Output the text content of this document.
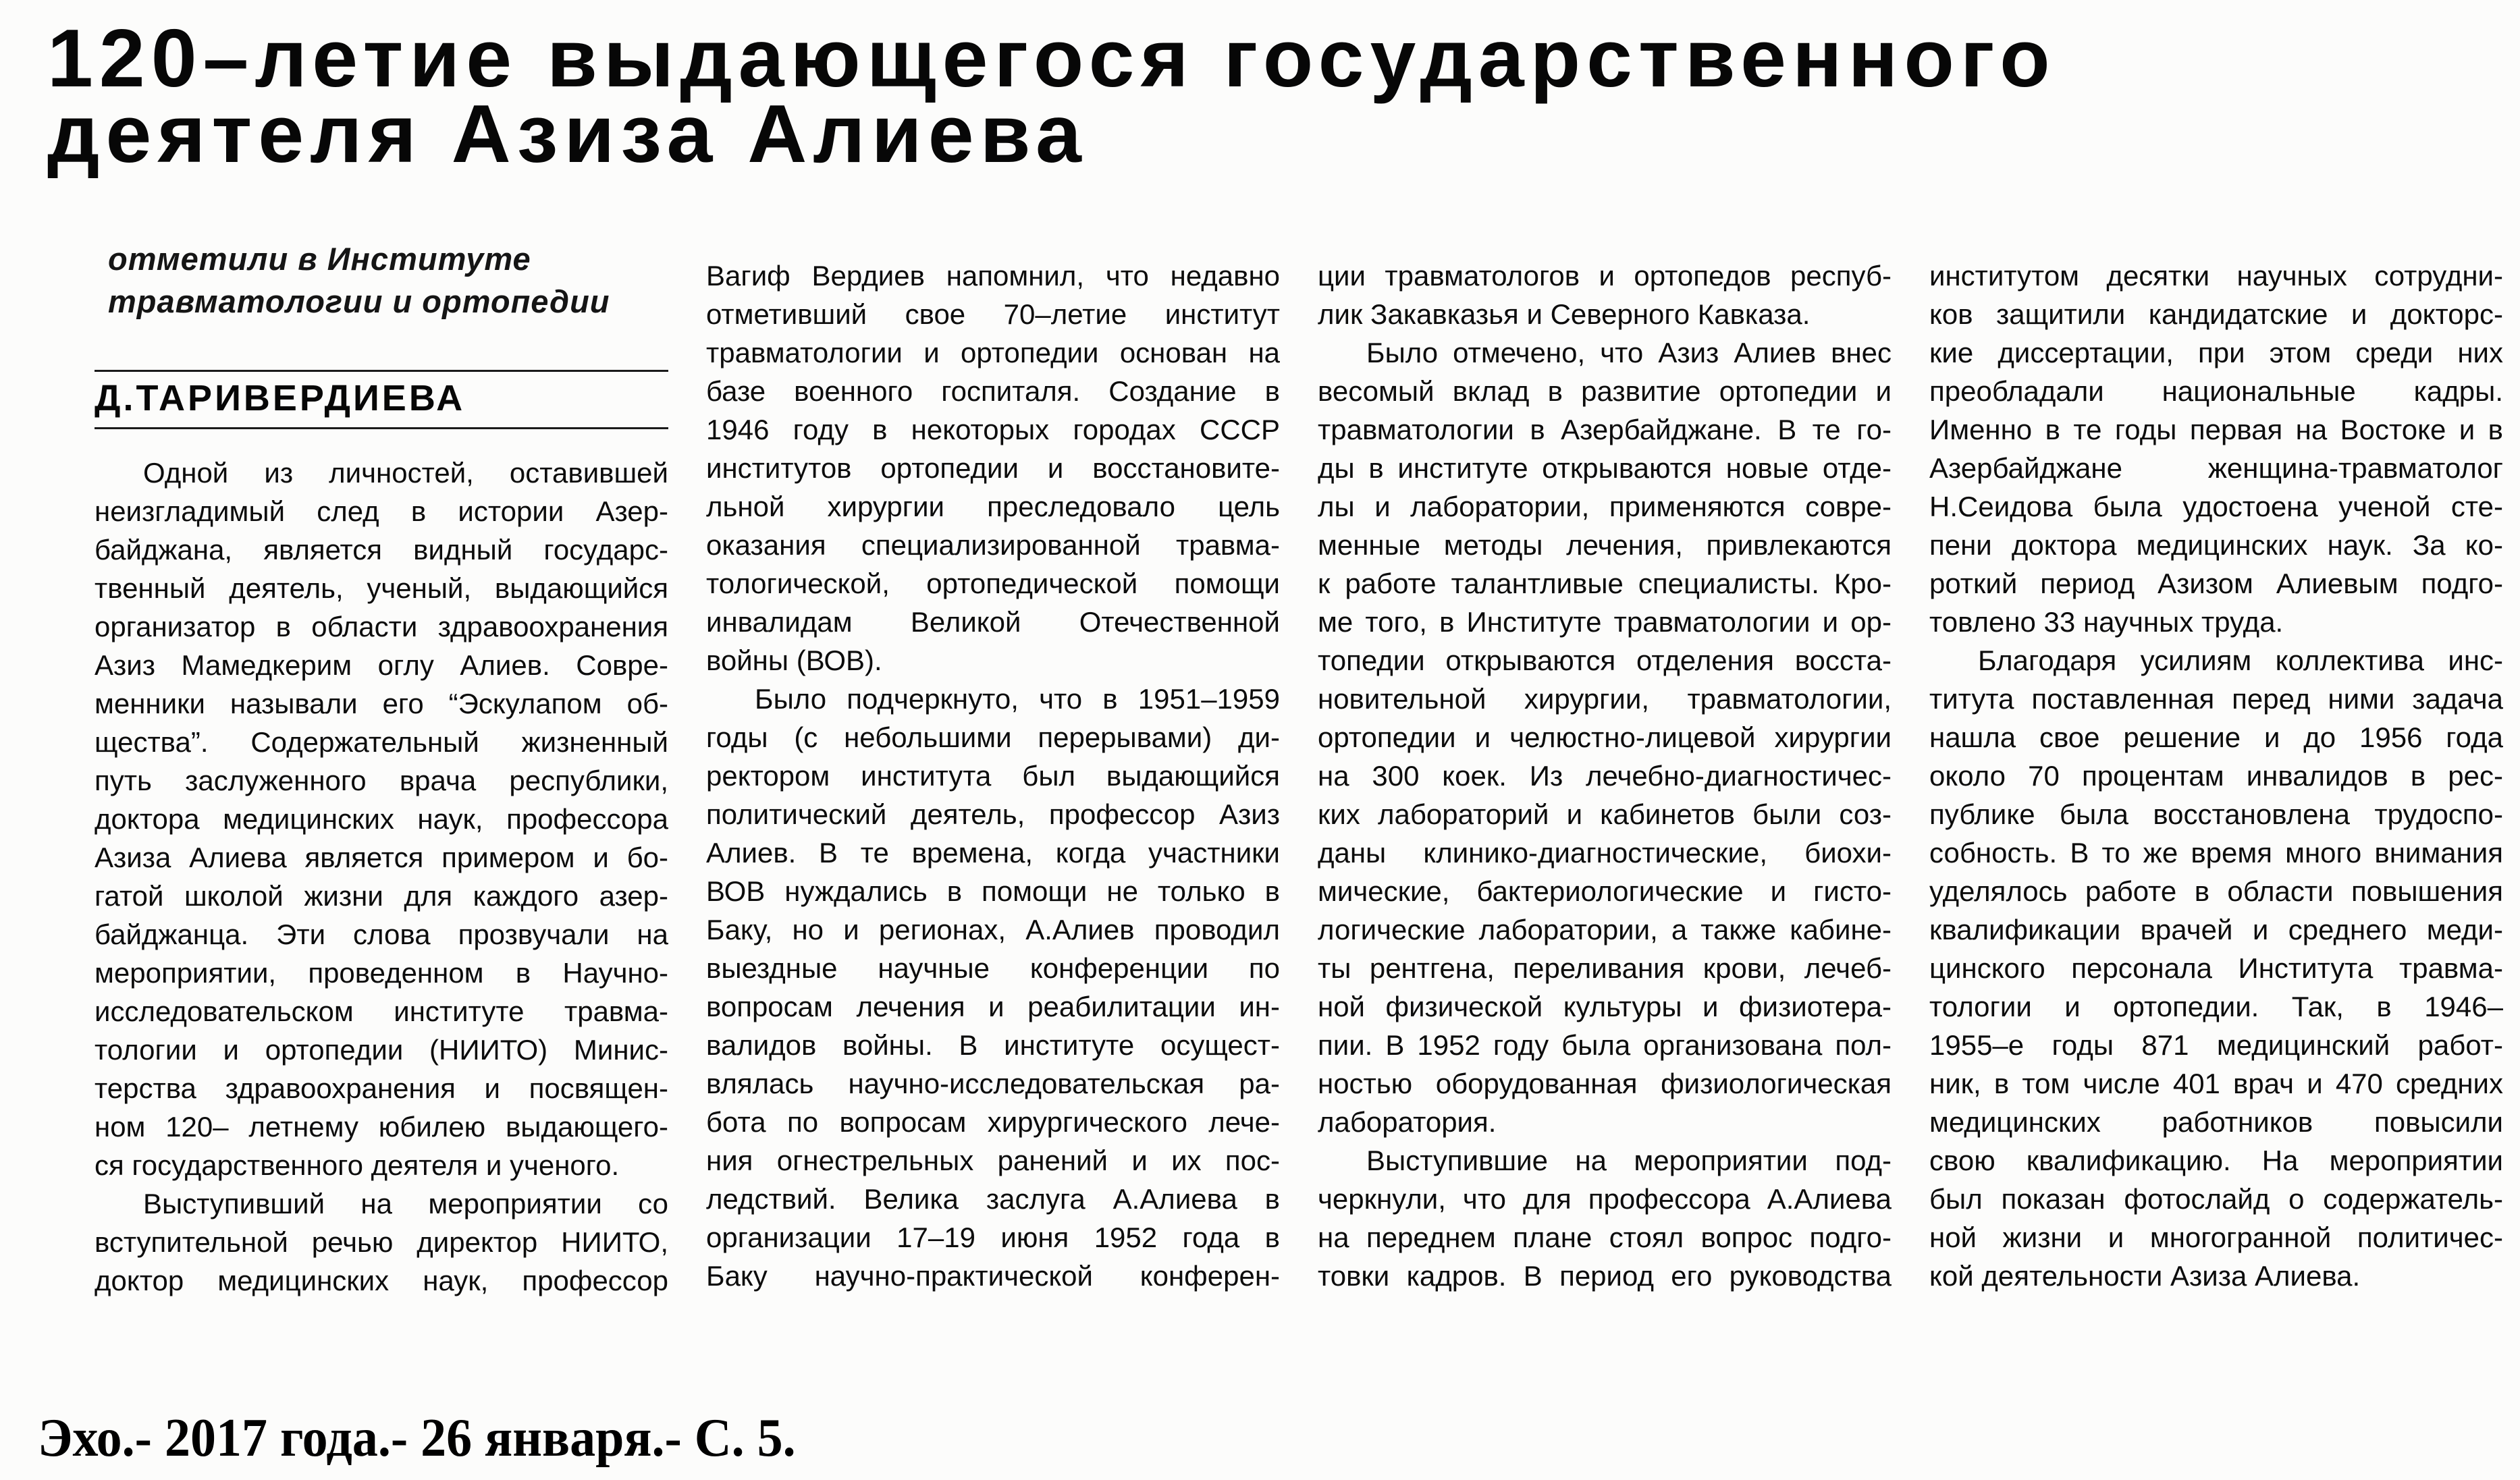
120–летие выдающегося государственного
деятеля Азиза Алиева
отметили в Институте
травматологии и ортопедии
Д.ТАРИВЕРДИЕВА
Одной из личностей, оставившей
неизгладимый след в истории Азер-
байджана, является видный государс-
твенный деятель, ученый, выдающийся
организатор в области здравоохранения
Азиз Мамедкерим оглу Алиев. Совре-
менники называли его “Эскулапом об-
щества”. Содержательный жизненный
путь заслуженного врача республики,
доктора медицинских наук, профессора
Азиза Алиева является примером и бо-
гатой школой жизни для каждого азер-
байджанца. Эти слова прозвучали на
мероприятии, проведенном в Научно-
исследовательском институте травма-
тологии и ортопедии (НИИТО) Минис-
терства здравоохранения и посвящен-
ном 120– летнему юбилею выдающего-
ся государственного деятеля и ученого.
Выступивший на мероприятии со
вступительной речью директор НИИТО,
доктор медицинских наук, профессор
Вагиф Вердиев напомнил, что недавно
отметивший свое 70–летие институт
травматологии и ортопедии основан на
базе военного госпиталя. Создание в
1946 году в некоторых городах СССР
институтов ортопедии и восстановите-
льной хирургии преследовало цель
оказания специализированной травма-
тологической, ортопедической помощи
инвалидам Великой Отечественной
войны (ВОВ).
Было подчеркнуто, что в 1951–1959
годы (с небольшими перерывами) ди-
ректором института был выдающийся
политический деятель, профессор Азиз
Алиев. В те времена, когда участники
ВОВ нуждались в помощи не только в
Баку, но и регионах, А.Алиев проводил
выездные научные конференции по
вопросам лечения и реабилитации ин-
валидов войны. В институте осущест-
влялась научно-исследовательская ра-
бота по вопросам хирургического лече-
ния огнестрельных ранений и их пос-
ледствий. Велика заслуга А.Алиева в
организации 17–19 июня 1952 года в
Баку научно-практической конферен-
ции травматологов и ортопедов респуб-
лик Закавказья и Северного Кавказа.
Было отмечено, что Азиз Алиев внес
весомый вклад в развитие ортопедии и
травматологии в Азербайджане. В те го-
ды в институте открываются новые отде-
лы и лаборатории, применяются совре-
менные методы лечения, привлекаются
к работе талантливые специалисты. Кро-
ме того, в Институте травматологии и ор-
топедии открываются отделения восста-
новительной хирургии, травматологии,
ортопедии и челюстно-лицевой хирургии
на 300 коек. Из лечебно-диагностичес-
ких лабораторий и кабинетов были соз-
даны клинико-диагностические, биохи-
мические, бактериологические и гисто-
логические лаборатории, а также кабине-
ты рентгена, переливания крови, лечеб-
ной физической культуры и физиотера-
пии. В 1952 году была организована пол-
ностью оборудованная физиологическая
лаборатория.
Выступившие на мероприятии под-
черкнули, что для профессора А.Алиева
на переднем плане стоял вопрос подго-
товки кадров. В период его руководства
институтом десятки научных сотрудни-
ков защитили кандидатские и докторс-
кие диссертации, при этом среди них
преобладали национальные кадры.
Именно в те годы первая на Востоке и в
Азербайджане женщина-травматолог
Н.Сеидова была удостоена ученой сте-
пени доктора медицинских наук. За ко-
роткий период Азизом Алиевым подго-
товлено 33 научных труда.
Благодаря усилиям коллектива инс-
титута поставленная перед ними задача
нашла свое решение и до 1956 года
около 70 процентам инвалидов в рес-
публике была восстановлена трудоспо-
собность. В то же время много внимания
уделялось работе в области повышения
квалификации врачей и среднего меди-
цинского персонала Института травма-
тологии и ортопедии. Так, в 1946–
1955–е годы 871 медицинский работ-
ник, в том числе 401 врач и 470 средних
медицинских работников повысили
свою квалификацию. На мероприятии
был показан фотослайд о содержатель-
ной жизни и многогранной политичес-
кой деятельности Азиза Алиева.
Эхо.- 2017 года.- 26 января.- С. 5.
